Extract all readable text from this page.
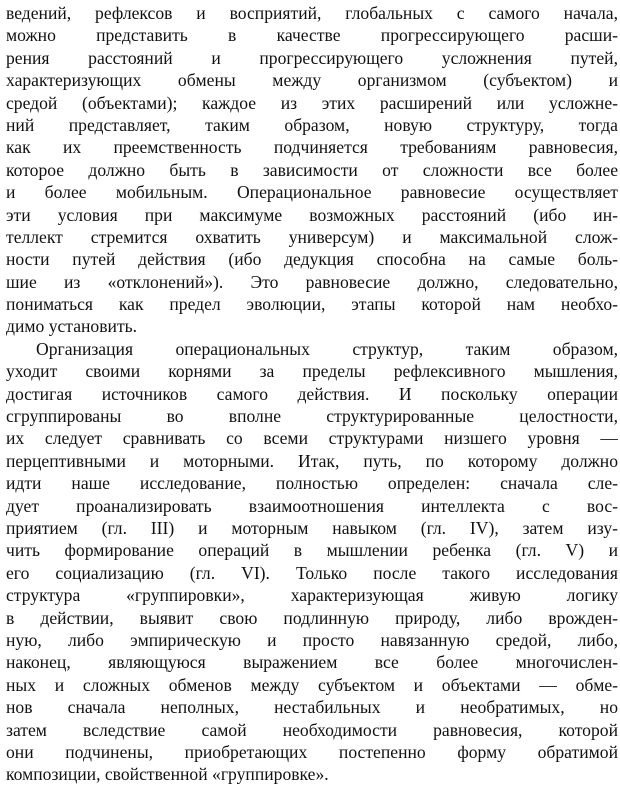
ведений, рефлексов и восприятий, глобальных с самого начала,
можно представить в качестве прогрессирующего расши-
рения расстояний и прогрессирующего усложнения путей,
характеризующих обмены между организмом (субъектом) и
средой (объектами); каждое из этих расширений или усложне-
ний представляет, таким образом, новую структуру, тогда
как их преемственность подчиняется требованиям равновесия,
которое должно быть в зависимости от сложности все более
и более мобильным. Операциональное равновесие осуществляет
эти условия при максимуме возможных расстояний (ибо ин-
теллект стремится охватить универсум) и максимальной слож-
ности путей действия (ибо дедукция способна на самые боль-
шие из «отклонений»). Это равновесие должно, следовательно,
пониматься как предел эволюции, этапы которой нам необхо-
димо установить.
Организация операциональных структур, таким образом,
уходит своими корнями за пределы рефлексивного мышления,
достигая источников самого действия. И поскольку операции
сгруппированы во вполне структурированные целостности,
их следует сравнивать со всеми структурами низшего уровня —
перцептивными и моторными. Итак, путь, по которому должно
идти наше исследование, полностью определен: сначала сле-
дует проанализировать взаимоотношения интеллекта с вос-
приятием (гл. III) и моторным навыком (гл. IV), затем изу-
чить формирование операций в мышлении ребенка (гл. V) и
его социализацию (гл. VI). Только после такого исследования
структура «группировки», характеризующая живую логику
в действии, выявит свою подлинную природу, либо врожден-
ную, либо эмпирическую и просто навязанную средой, либо,
наконец, являющуюся выражением все более многочислен-
ных и сложных обменов между субъектом и объектами — обме-
нов сначала неполных, нестабильных и необратимых, но
затем вследствие самой необходимости равновесия, которой
они подчинены, приобретающих постепенно форму обратимой
композиции, свойственной «группировке».
